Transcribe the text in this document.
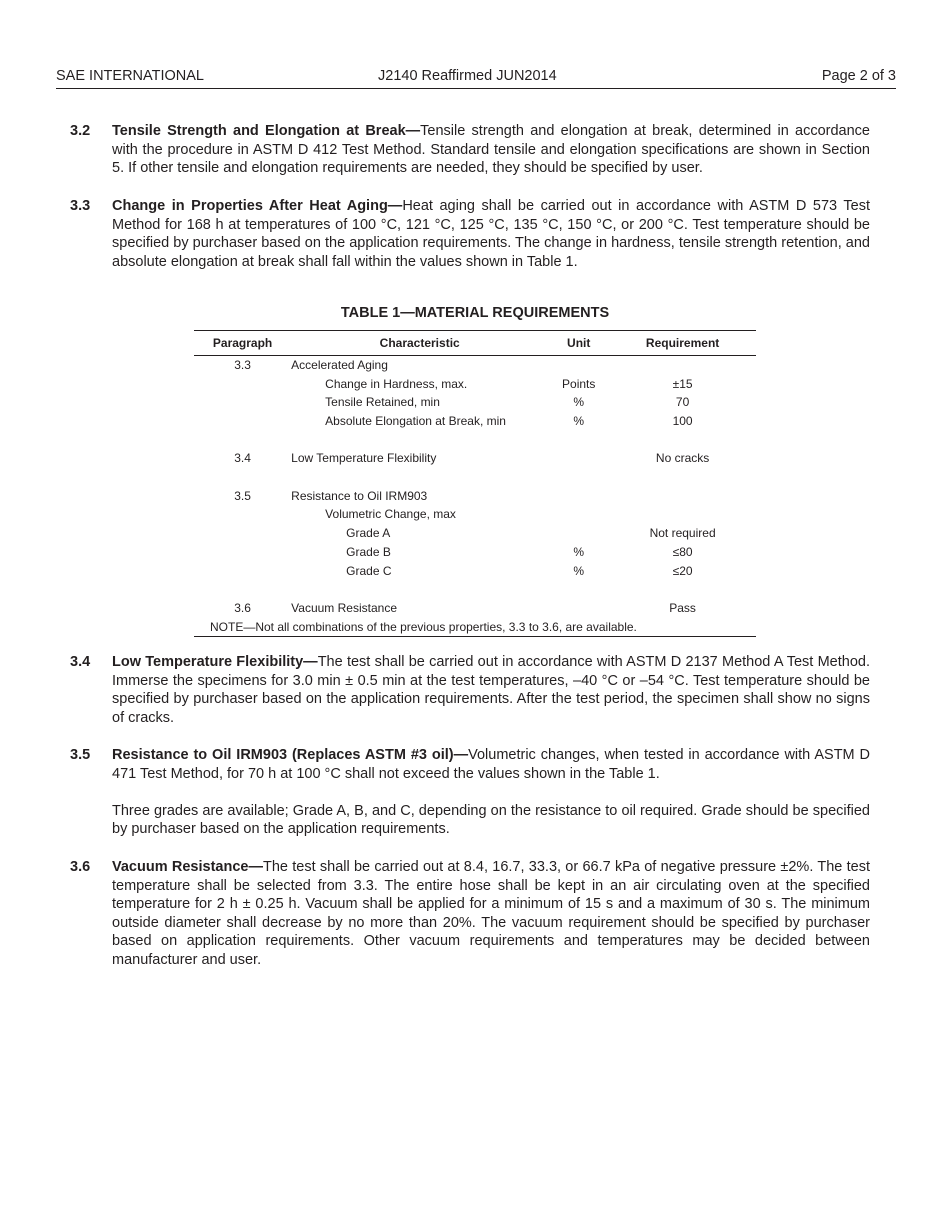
SAE INTERNATIONAL	J2140 Reaffirmed JUN2014	Page 2 of 3
3.2 Tensile Strength and Elongation at Break—Tensile strength and elongation at break, determined in accordance with the procedure in ASTM D 412 Test Method. Standard tensile and elongation specifications are shown in Section 5. If other tensile and elongation requirements are needed, they should be specified by user.

3.3 Change in Properties After Heat Aging—Heat aging shall be carried out in accordance with ASTM D 573 Test Method for 168 h at temperatures of 100 °C, 121 °C, 125 °C, 135 °C, 150 °C, or 200 °C. Test temperature should be specified by purchaser based on the application requirements. The change in hardness, tensile strength retention, and absolute elongation at break shall fall within the values shown in Table 1.

TABLE 1—MATERIAL REQUIREMENTS
Paragraph	Characteristic	Unit	Requirement
3.3	Accelerated Aging		
	Change in Hardness, max.	Points	±15
	Tensile Retained, min	%	70
	Absolute Elongation at Break, min	%	100

3.4	Low Temperature Flexibility		No cracks

3.5	Resistance to Oil IRM903		
	Volumetric Change, max		
	Grade A		Not required
	Grade B	%	≤80
	Grade C	%	≤20

3.6	Vacuum Resistance		Pass
NOTE—Not all combinations of the previous properties, 3.3 to 3.6, are available.			
3.4 Low Temperature Flexibility—The test shall be carried out in accordance with ASTM D 2137 Method A Test Method. Immerse the specimens for 3.0 min ± 0.5 min at the test temperatures, –40 °C or –54 °C. Test temperature should be specified by purchaser based on the application requirements. After the test period, the specimen shall show no signs of cracks.

3.5 Resistance to Oil IRM903 (Replaces ASTM #3 oil)—Volumetric changes, when tested in accordance with ASTM D 471 Test Method, for 70 h at 100 °C shall not exceed the values shown in the Table 1.

Three grades are available; Grade A, B, and C, depending on the resistance to oil required. Grade should be specified by purchaser based on the application requirements.

3.6 Vacuum Resistance—The test shall be carried out at 8.4, 16.7, 33.3, or 66.7 kPa of negative pressure ±2%. The test temperature shall be selected from 3.3. The entire hose shall be kept in an air circulating oven at the specified temperature for 2 h ± 0.25 h. Vacuum shall be applied for a minimum of 15 s and a maximum of 30 s. The minimum outside diameter shall decrease by no more than 20%. The vacuum requirement should be specified by purchaser based on application requirements. Other vacuum requirements and temperatures may be decided between manufacturer and user.
